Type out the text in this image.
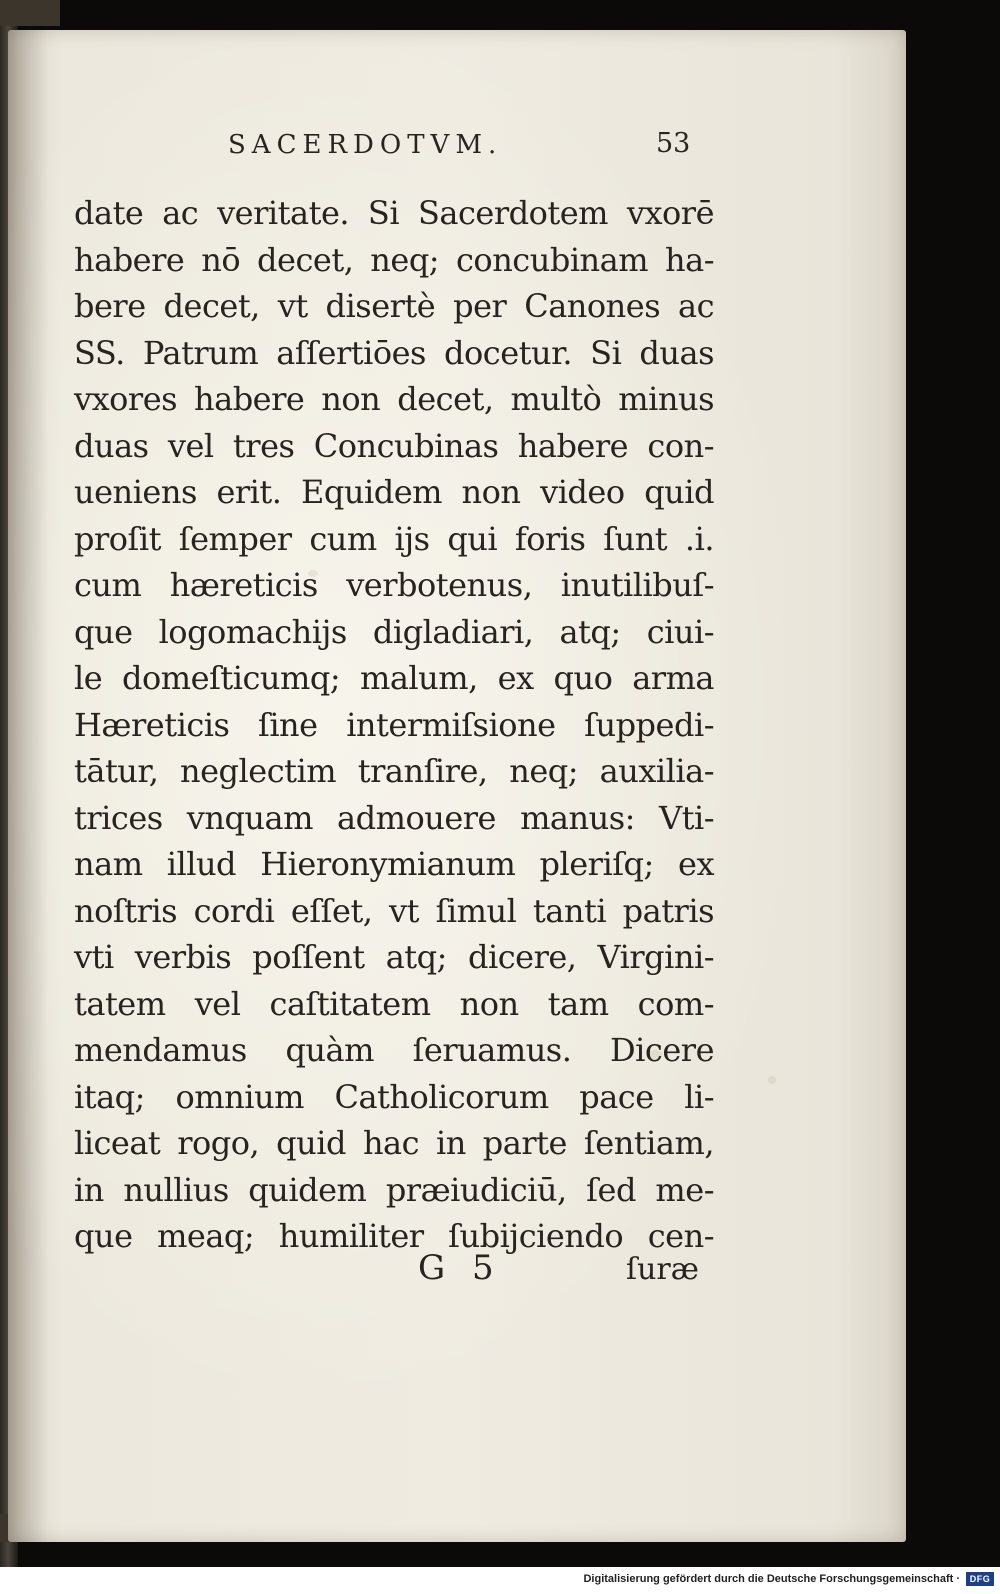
SACERDOTVM.	53
date ac veritate. Si Sacerdotem vxorē
habere nō decet, neq; concubinam ha-
bere decet, vt disertè per Canones ac
SS. Patrum aſſertiōes docetur. Si duas
vxores habere non decet, multò minus
duas vel tres Concubinas habere con-
ueniens erit. Equidem non video quid
proſit ſemper cum ijs qui foris ſunt .i.
cum hæreticis verbotenus, inutilibuſ-
que logomachijs digladiari, atq; ciui-
le domeſticumq; malum, ex quo arma
Hæreticis ſine intermiſsione ſuppedi-
tātur, neglectim tranſire, neq; auxilia-
trices vnquam admouere manus: Vti-
nam illud Hieronymianum pleriſq; ex
noſtris cordi eſſet, vt ſimul tanti patris
vti verbis poſſent atq; dicere, Virgini-
tatem vel caſtitatem non tam com-
mendamus quàm ſeruamus. Dicere
itaq; omnium Catholicorum pace li-
liceat rogo, quid hac in parte ſentiam,
in nullius quidem præiudiciū, ſed me-
que meaq; humiliter ſubijciendo cen-
G 5	ſuræ
Digitalisierung gefördert durch die Deutsche Forschungsgemeinschaft ·	DFG
